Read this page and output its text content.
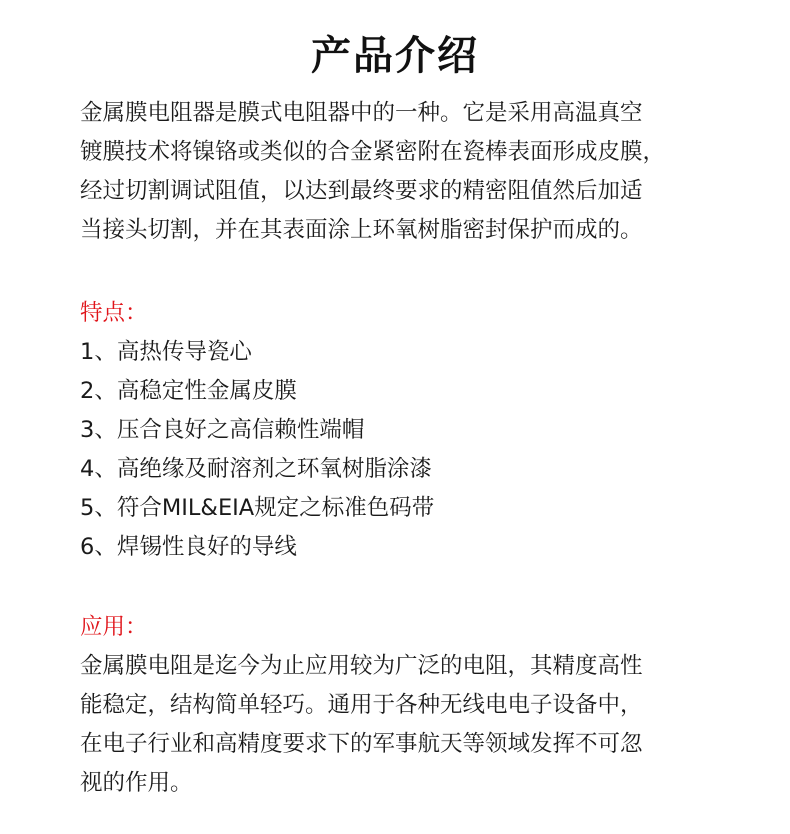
产品介绍

金属膜电阻器是膜式电阻器中的一种。它是采用高温真空
镀膜技术将镍铬或类似的合金紧密附在瓷棒表面形成皮膜，
经过切割调试阻值，以达到最终要求的精密阻值然后加适
当接头切割，并在其表面涂上环氧树脂密封保护而成的。

特点：
1、高热传导瓷心
2、高稳定性金属皮膜
3、压合良好之高信赖性端帽
4、高绝缘及耐溶剂之环氧树脂涂漆
5、符合MIL&EIA规定之标准色码带
6、焊锡性良好的导线
应用：

金属膜电阻是迄今为止应用较为广泛的电阻，其精度高性
能稳定，结构简单轻巧。通用于各种无线电电子设备中，
在电子行业和高精度要求下的军事航天等领域发挥不可忽
视的作用。
